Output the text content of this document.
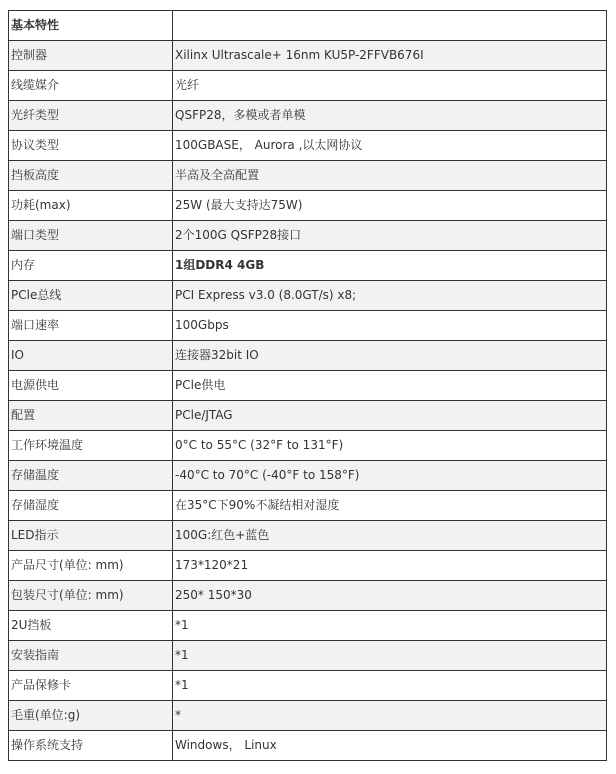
基本特性	
控制器	Xilinx Ultrascale+ 16nm KU5P-2FFVB676I
线缆媒介	光纤
光纤类型	QSFP28，多模或者单模
协议类型	100GBASE， Aurora ,以太网协议
挡板高度	半高及全高配置
功耗(max)	25W (最大支持达75W)
端口类型	2个100G QSFP28接口
内存	1组DDR4 4GB
PCle总线	PCI Express v3.0 (8.0GT/s) x8;
端口速率	100Gbps
IO	连接器32bit IO
电源供电	PCle供电
配置	PCle/JTAG
工作环境温度	0°C to 55°C (32°F to 131°F)
存储温度	-40°C to 70°C (-40°F to 158°F)
存储湿度	在35°C下90%不凝结相对湿度
LED指示	100G:红色+蓝色
产品尺寸(单位: mm)	173*120*21
包装尺寸(单位: mm)	250* 150*30
2U挡板	*1
安装指南	*1
产品保修卡	*1
毛重(单位:g)	*
操作系统支持	Windows， Linux
